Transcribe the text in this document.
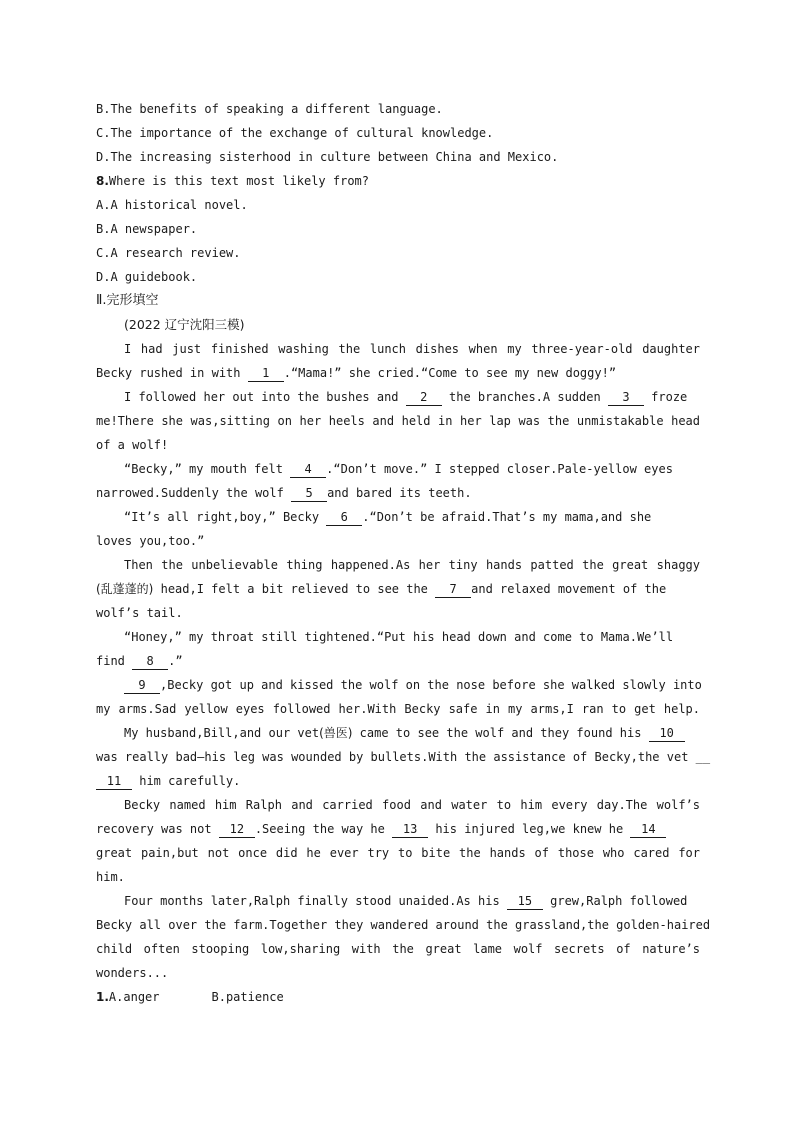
B.The benefits of speaking a different language.
C.The importance of the exchange of cultural knowledge.
D.The increasing sisterhood in culture between China and Mexico.
8.Where is this text most likely from?
A.A historical novel.
B.A newspaper.
C.A research review.
D.A guidebook.
Ⅱ.完形填空
(2022 辽宁沈阳三模)
I had just finished washing the lunch dishes when my three-year-old daughter
Becky rushed in with 1 .“Mama!” she cried.“Come to see my new doggy!”
I followed her out into the bushes and 2 the branches.A sudden 3 froze
me!There she was,sitting on her heels and held in her lap was the unmistakable head
of a wolf!
“Becky,” my mouth felt 4 .“Don’t move.” I stepped closer.Pale-yellow eyes
narrowed.Suddenly the wolf 5 and bared its teeth.
“It’s all right,boy,” Becky 6 .“Don’t be afraid.That’s my mama,and she
loves you,too.”
Then the unbelievable thing happened.As her tiny hands patted the great shaggy
(乱蓬蓬的) head,I felt a bit relieved to see the 7 and relaxed movement of the
wolf’s tail.
“Honey,” my throat still tightened.“Put his head down and come to Mama.We’ll
find 8 .”
9 ,Becky got up and kissed the wolf on the nose before she walked slowly into
my arms.Sad yellow eyes followed her.With Becky safe in my arms,I ran to get help.
My husband,Bill,and our vet(兽医) came to see the wolf and they found his 10
was really bad—his leg was wounded by bullets.With the assistance of Becky,the vet __
11 him carefully.
Becky named him Ralph and carried food and water to him every day.The wolf’s
recovery was not 12 .Seeing the way he 13 his injured leg,we knew he 14
great pain,but not once did he ever try to bite the hands of those who cared for
him.
Four months later,Ralph finally stood unaided.As his 15 grew,Ralph followed
Becky all over the farm.Together they wandered around the grassland,the golden-haired
child often stooping low,sharing with the great lame wolf secrets of nature’s
wonders...
1.A.anger	B.patience
